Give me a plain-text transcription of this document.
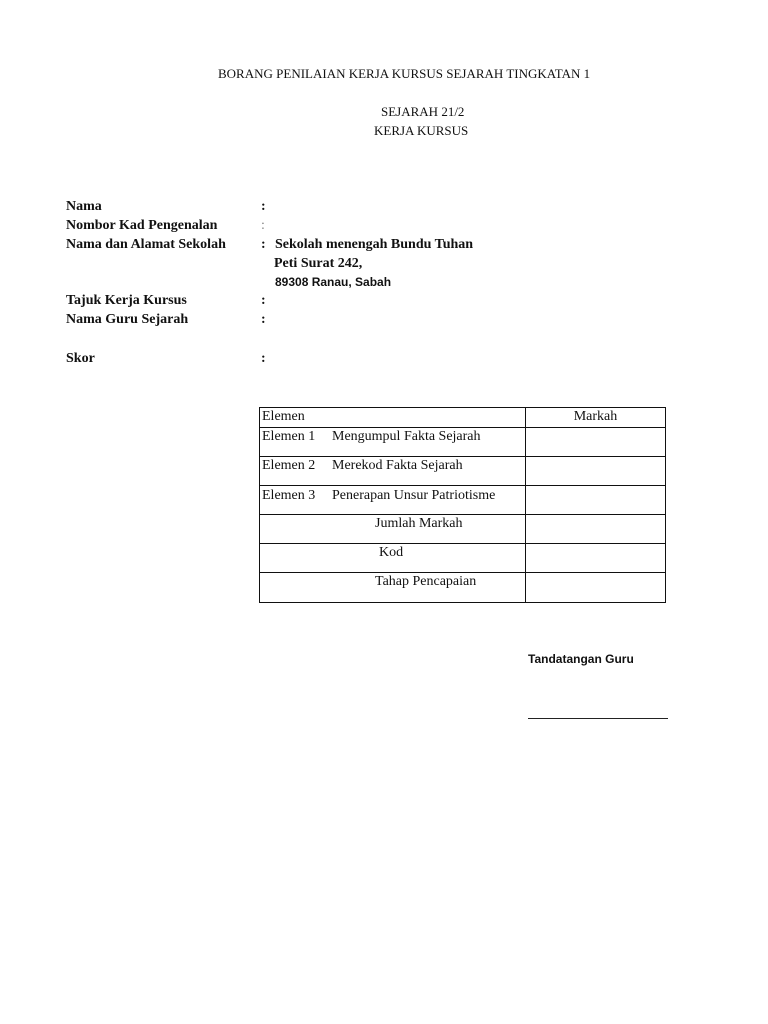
BORANG PENILAIAN KERJA KURSUS SEJARAH TINGKATAN 1
SEJARAH 21/2
KERJA KURSUS
Nama	:
Nombor Kad Pengenalan	:
Nama dan Alamat Sekolah	: Sekolah menengah Bundu Tuhan
Peti Surat 242,
89308 Ranau, Sabah
Tajuk Kerja Kursus	:
Nama Guru Sejarah	:
Skor	:
Elemen	Markah
Elemen 1 Mengumpul Fakta Sejarah	
Elemen 2 Merekod Fakta Sejarah	
Elemen 3 Penerapan Unsur Patriotisme	
Jumlah Markah	
Kod	
Tahap Pencapaian	
Tandatangan Guru
